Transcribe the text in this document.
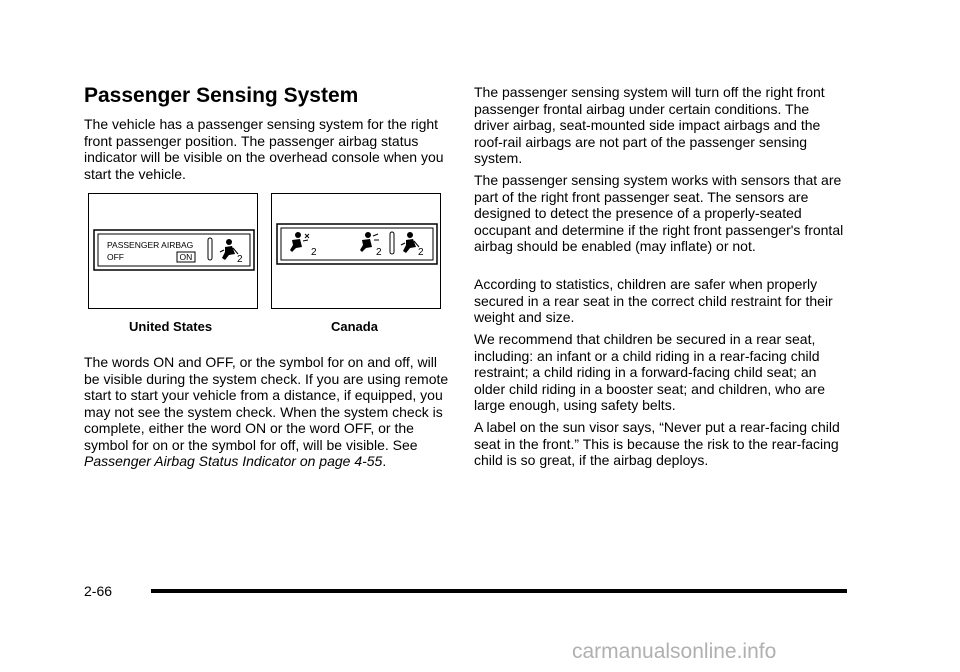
Passenger Sensing System

The vehicle has a passenger sensing system for the right front passenger position. The passenger airbag status indicator will be visible on the overhead console when you start the vehicle.

PASSENGER AIRBAG
OFF	ON	2
United States
2	2	2
Canada

The words ON and OFF, or the symbol for on and off, will be visible during the system check. If you are using remote start to start your vehicle from a distance, if equipped, you may not see the system check. When the system check is complete, either the word ON or the word OFF, or the symbol for on or the symbol for off, will be visible. See Passenger Airbag Status Indicator on page 4-55.

The passenger sensing system will turn off the right front passenger frontal airbag under certain conditions. The driver airbag, seat-mounted side impact airbags and the roof-rail airbags are not part of the passenger sensing system.

The passenger sensing system works with sensors that are part of the right front passenger seat. The sensors are designed to detect the presence of a properly-seated occupant and determine if the right front passenger's frontal airbag should be enabled (may inflate) or not.

According to statistics, children are safer when properly secured in a rear seat in the correct child restraint for their weight and size.

We recommend that children be secured in a rear seat, including: an infant or a child riding in a rear-facing child restraint; a child riding in a forward-facing child seat; an older child riding in a booster seat; and children, who are large enough, using safety belts.

A label on the sun visor says, “Never put a rear-facing child seat in the front.” This is because the risk to the rear-facing child is so great, if the airbag deploys.

2-66
carmanualsonline.info
